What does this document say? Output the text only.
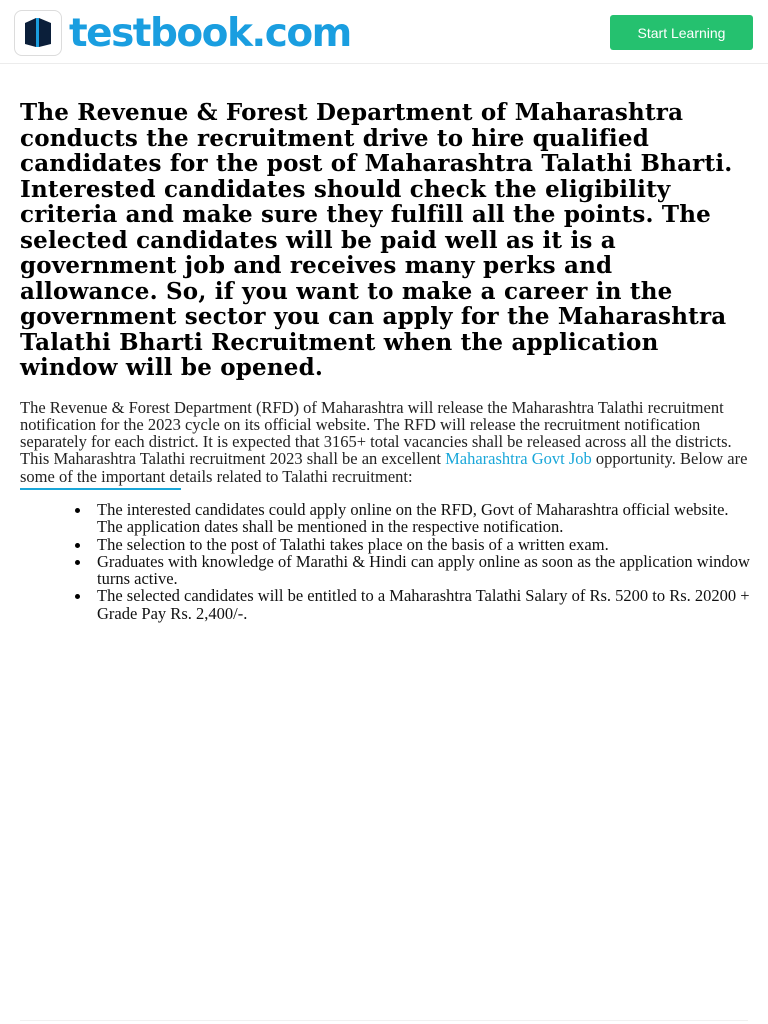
testbook.com	Start Learning
The Revenue & Forest Department of Maharashtra conducts the recruitment drive to hire qualified candidates for the post of Maharashtra Talathi Bharti. Interested candidates should check the eligibility criteria and make sure they fulfill all the points. The selected candidates will be paid well as it is a government job and receives many perks and allowance. So, if you want to make a career in the government sector you can apply for the Maharashtra Talathi Bharti Recruitment when the application window will be opened.

The Revenue & Forest Department (RFD) of Maharashtra will release the Maharashtra Talathi recruitment notification for the 2023 cycle on its official website. The RFD will release the recruitment notification separately for each district. It is expected that 3165+ total vacancies shall be released across all the districts. This Maharashtra Talathi recruitment 2023 shall be an excellent Maharashtra Govt Job opportunity. Below are some of the important details related to Talathi recruitment:

The interested candidates could apply online on the RFD, Govt of Maharashtra official website. The application dates shall be mentioned in the respective notification.
The selection to the post of Talathi takes place on the basis of a written exam.
Graduates with knowledge of Marathi & Hindi can apply online as soon as the application window turns active.
The selected candidates will be entitled to a Maharashtra Talathi Salary of Rs. 5200 to Rs. 20200 + Grade Pay Rs. 2,400/-.
